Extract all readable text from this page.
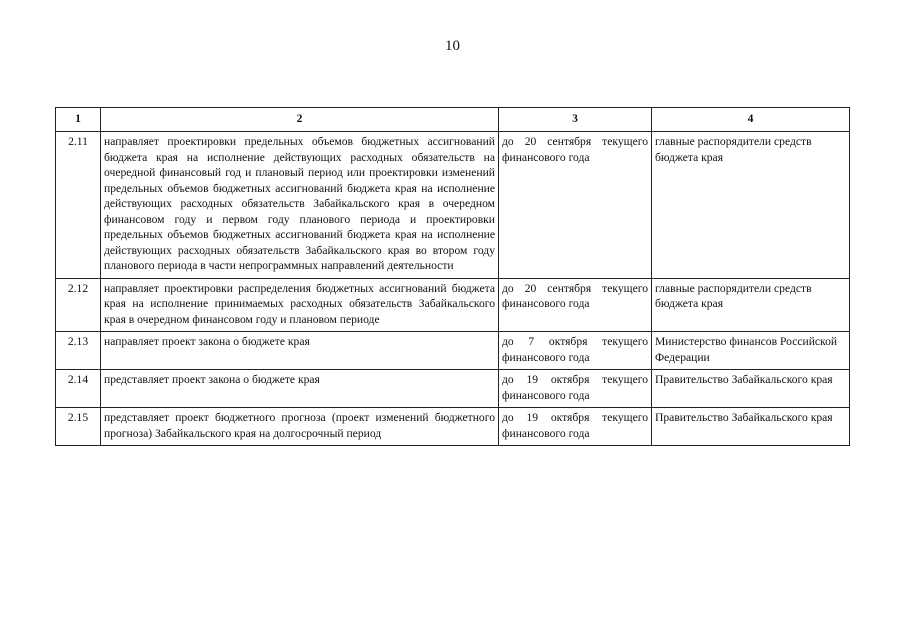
10
1	2	3	4
2.11	направляет проектировки предельных объемов бюджетных ассигнований бюджета края на исполнение действующих расходных обязательств на очередной финансовый год и плановый период или проектировки изменений предельных объемов бюджетных ассигнований бюджета края на исполнение действующих расходных обязательств Забайкальского края в очередном финансовом году и первом году планового периода и проектировки предельных объемов бюджетных ассигнований бюджета края на исполнение действующих расходных обязательств Забайкальского края во втором году планового периода в части непрограммных направлений деятельности	до 20 сентября текущего финансового года	главные распорядители средств бюджета края
2.12	направляет проектировки распределения бюджетных ассигнований бюджета края на исполнение принимаемых расходных обязательств Забайкальского края в очередном финансовом году и плановом периоде	до 20 сентября текущего финансового года	главные распорядители средств бюджета края
2.13	направляет проект закона о бюджете края	до 7 октября текущего финансового года	Министерство финансов Российской Федерации
2.14	представляет проект закона о бюджете края	до 19 октября текущего финансового года	Правительство Забайкальского края
2.15	представляет проект бюджетного прогноза (проект изменений бюджетного прогноза) Забайкальского края на долгосрочный период	до 19 октября текущего финансового года	Правительство Забайкальского края
